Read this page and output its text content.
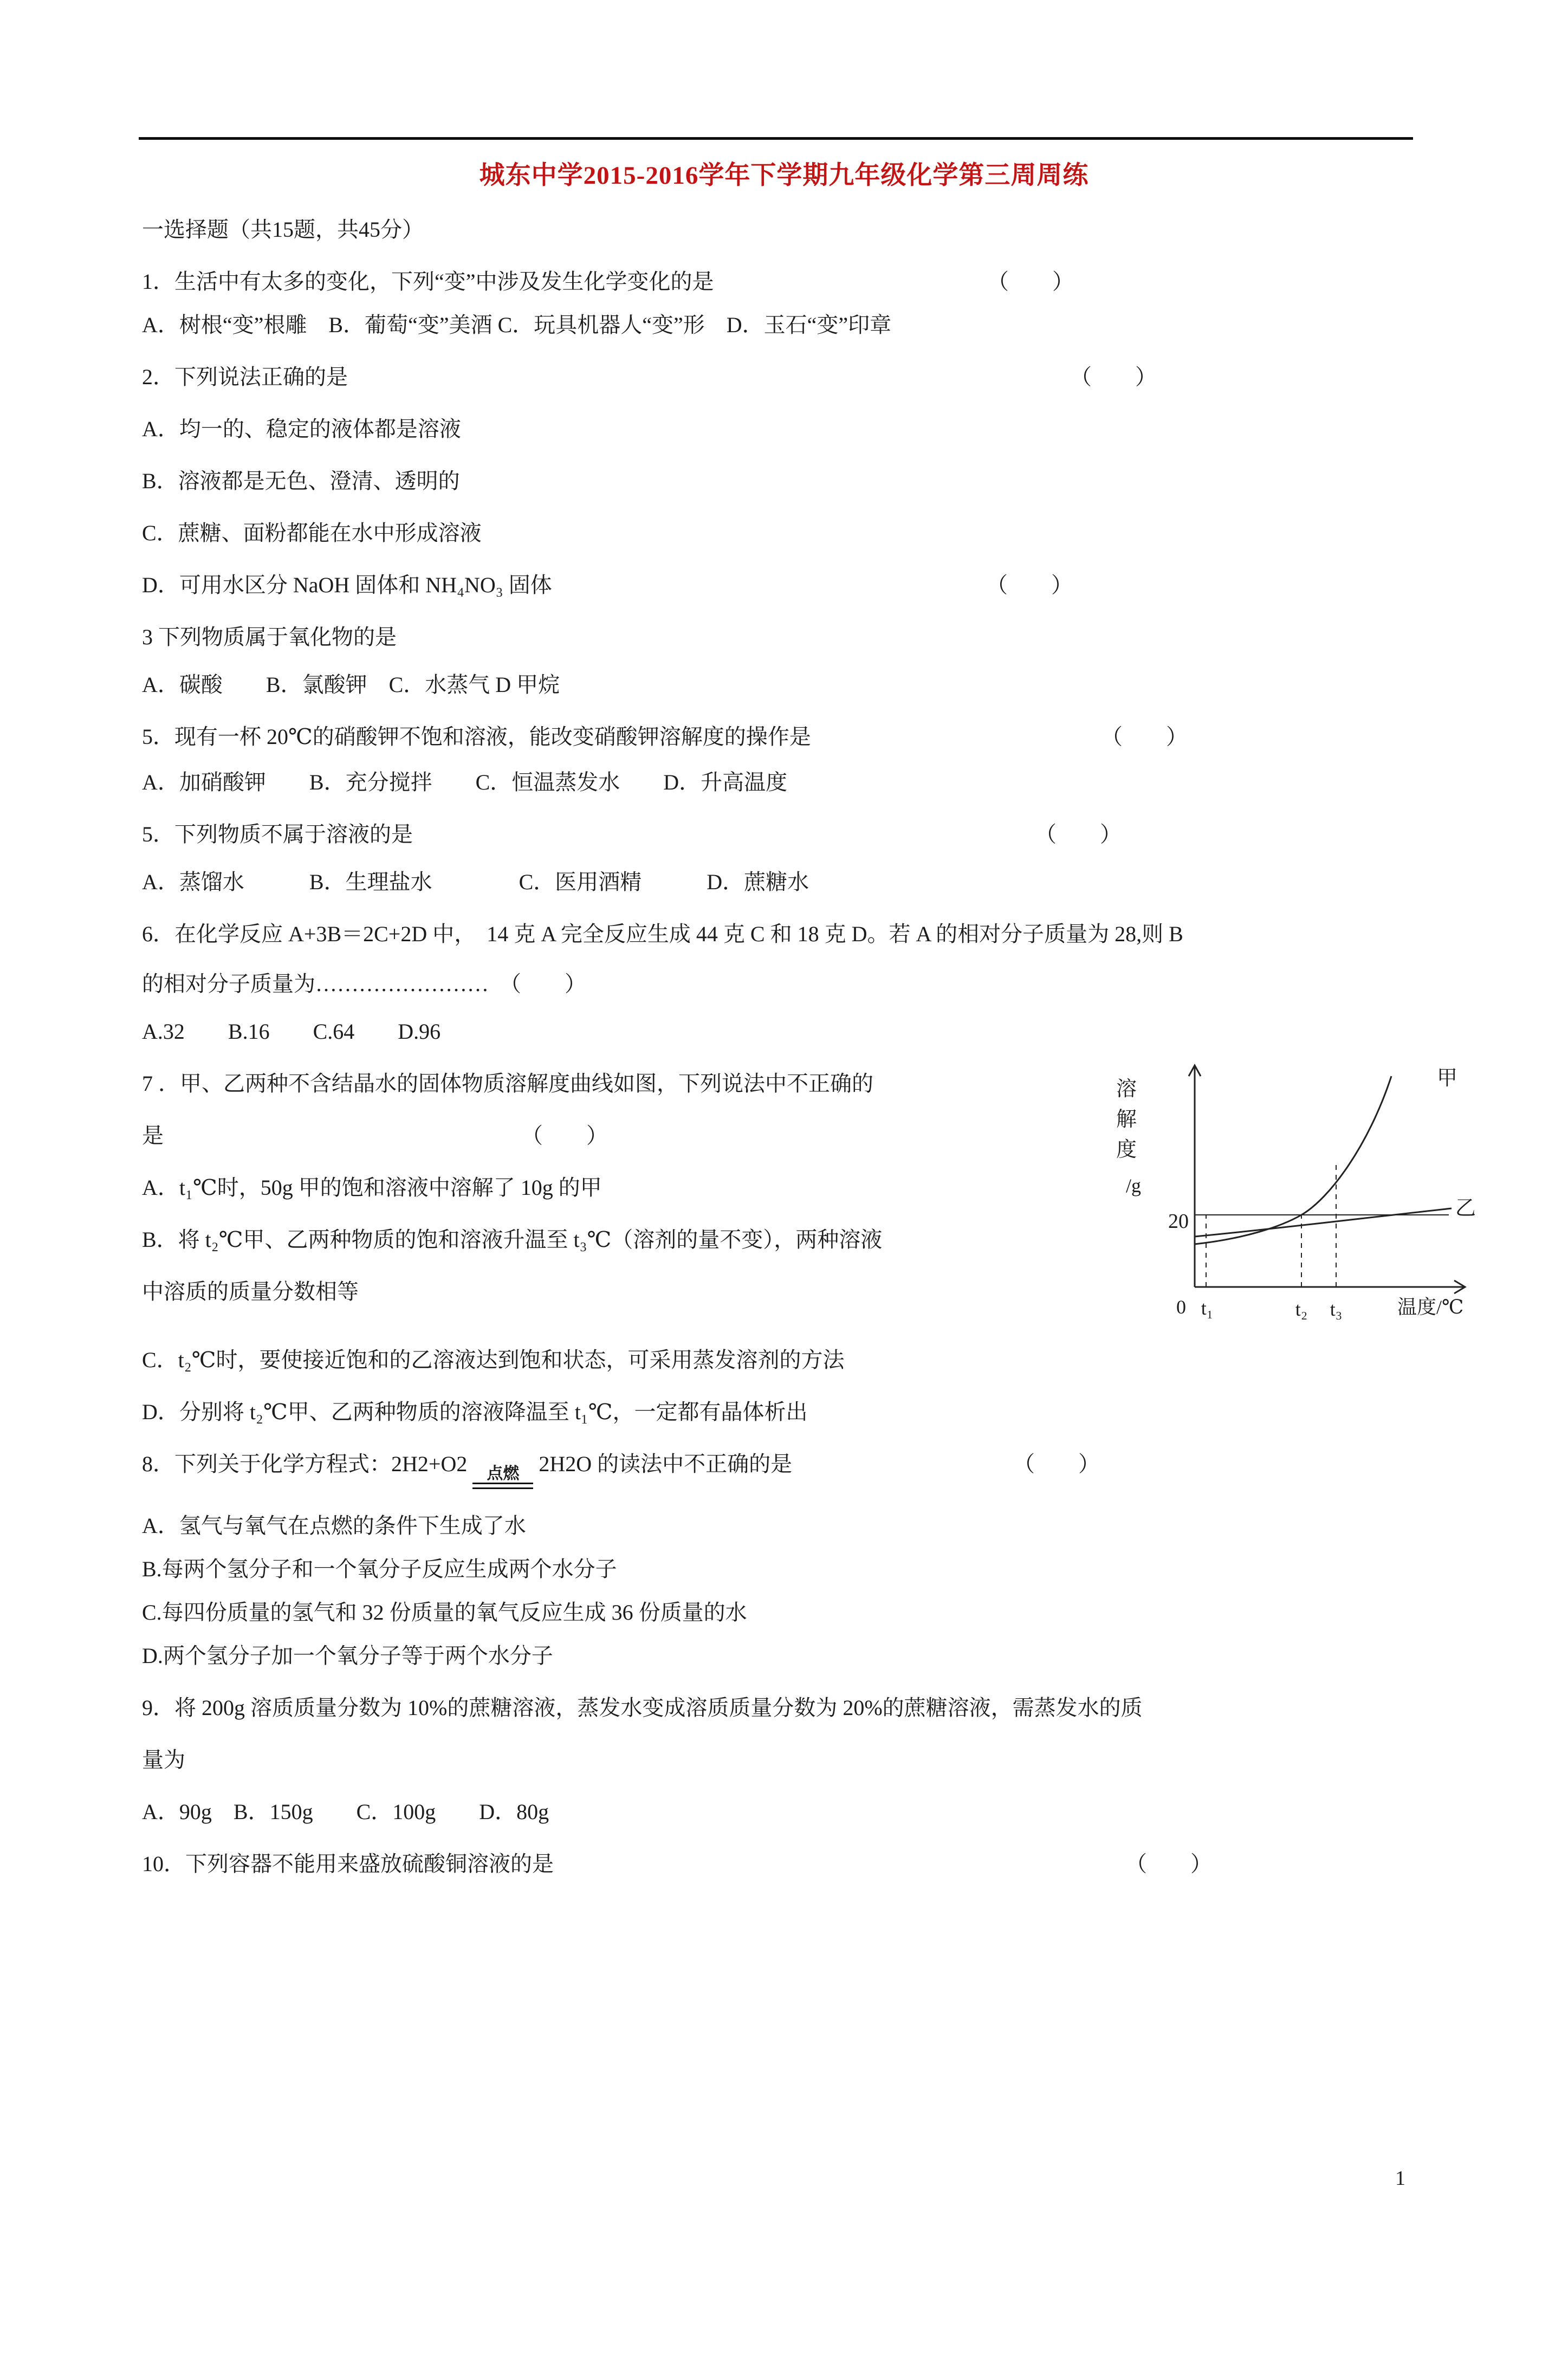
城东中学2015-2016学年下学期九年级化学第三周周练
一选择题（共15题，共45分）
1．生活中有太多的变化，下列“变”中涉及发生化学变化的是	（　　）
A．树根“变”根雕　B．葡萄“变”美酒 C．玩具机器人“变”形　D．玉石“变”印章
2．下列说法正确的是	（　　）
A．均一的、稳定的液体都是溶液
B．溶液都是无色、澄清、透明的
C．蔗糖、面粉都能在水中形成溶液
D．可用水区分 NaOH 固体和 NH₄NO₃ 固体	（　　）
3 下列物质属于氧化物的是
A．碳酸　　B．氯酸钾　C．水蒸气 D 甲烷
5．现有一杯 20℃的硝酸钾不饱和溶液，能改变硝酸钾溶解度的操作是	（　　）
A．加硝酸钾　　B．充分搅拌　　C．恒温蒸发水　　D．升高温度
5．下列物质不属于溶液的是	（　　）
A．蒸馏水　　　B．生理盐水　　　　C．医用酒精　　　D．蔗糖水
6．在化学反应 A+3B＝2C+2D 中，　14 克 A 完全反应生成 44 克 C 和 18 克 D。若 A 的相对分子质量为 28,则 B
的相对分子质量为……………………　（　　）
A.32　　B.16　　C.64　　D.96
溶
解
度
/g
20
0 t₁	t₂ t₃	温度/℃
甲
乙
7 ．甲、乙两种不含结晶水的固体物质溶解度曲线如图，下列说法中不正确的
是	（　　）
A．t₁℃时，50g 甲的饱和溶液中溶解了 10g 的甲
B．将 t₂℃甲、乙两种物质的饱和溶液升温至 t₃℃（溶剂的量不变），两种溶液
中溶质的质量分数相等
C．t₂℃时，要使接近饱和的乙溶液达到饱和状态，可采用蒸发溶剂的方法
D．分别将 t₂℃甲、乙两种物质的溶液降温至 t₁℃，一定都有晶体析出
8．下列关于化学方程式：2H2+O2 点燃 2H2O 的读法中不正确的是	（　　）
A．氢气与氧气在点燃的条件下生成了水
B.每两个氢分子和一个氧分子反应生成两个水分子
C.每四份质量的氢气和 32 份质量的氧气反应生成 36 份质量的水
D.两个氢分子加一个氧分子等于两个水分子
9．将 200g 溶质质量分数为 10%的蔗糖溶液，蒸发水变成溶质质量分数为 20%的蔗糖溶液，需蒸发水的质
量为
A．90g　B．150g　　C．100g　　D．80g
10．下列容器不能用来盛放硫酸铜溶液的是	（　　）
1
